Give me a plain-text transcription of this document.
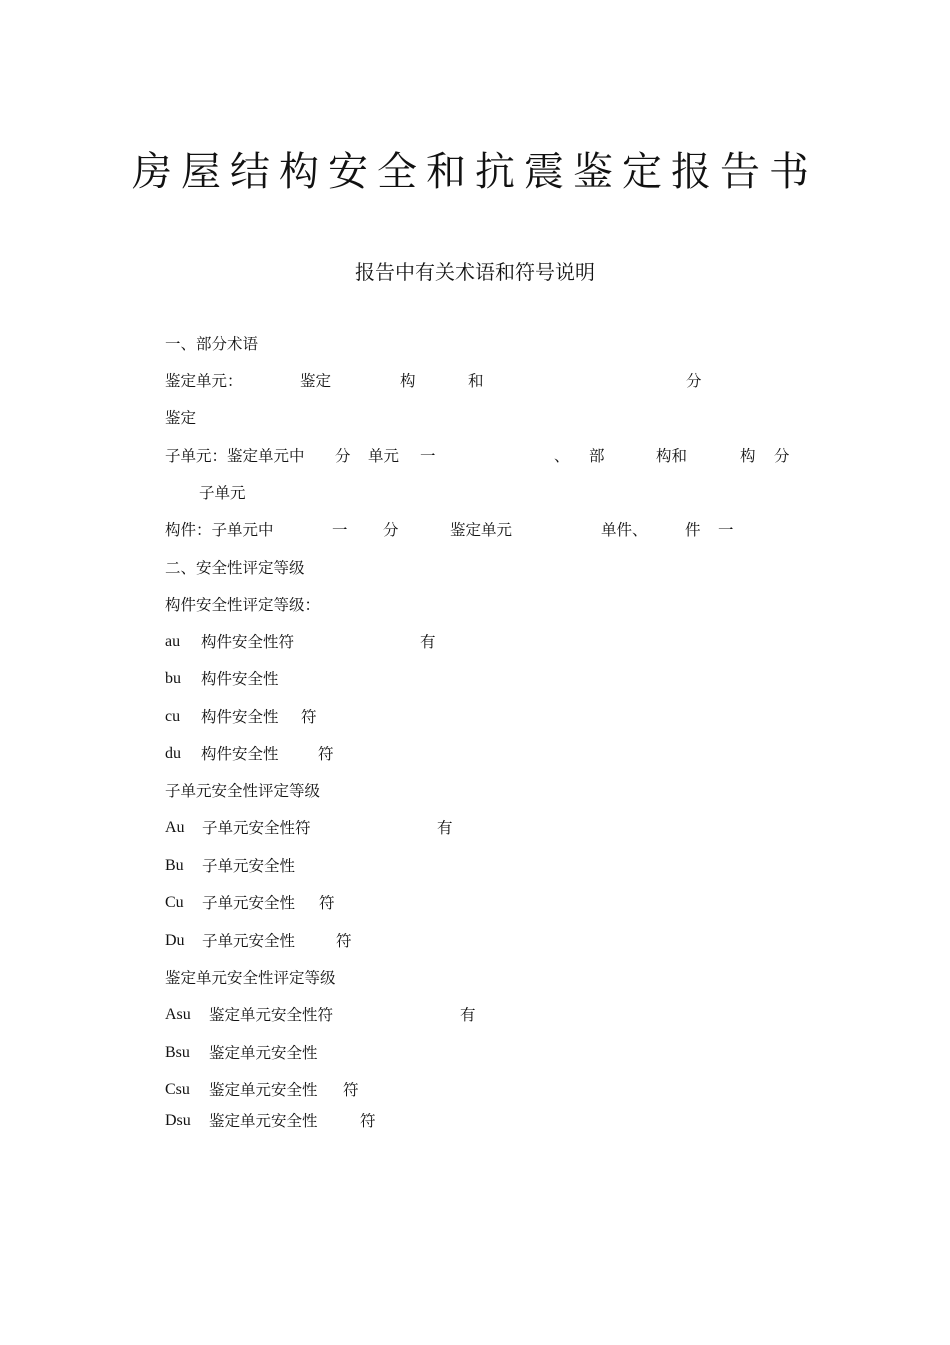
房屋结构安全和抗震鉴定报告书
报告中有关术语和符号说明
一、部分术语
鉴定单元：	鉴定	构	和	分
鉴定
子单元：鉴定单元中 分 单元 一	、 部	构和	构 分
子单元
构件：子单元中	一 分	鉴定单元	单件、 件 一
二、安全性评定等级
构件安全性评定等级：
au 构件安全性符	有
bu 构件安全性
cu 构件安全性 符
du 构件安全性	符
子单元安全性评定等级
Au 子单元安全性符	有
Bu 子单元安全性
Cu 子单元安全性 符
Du 子单元安全性	符
鉴定单元安全性评定等级
Asu 鉴定单元安全性符	有
Bsu 鉴定单元安全性
Csu 鉴定单元安全性 符
Dsu 鉴定单元安全性	符
